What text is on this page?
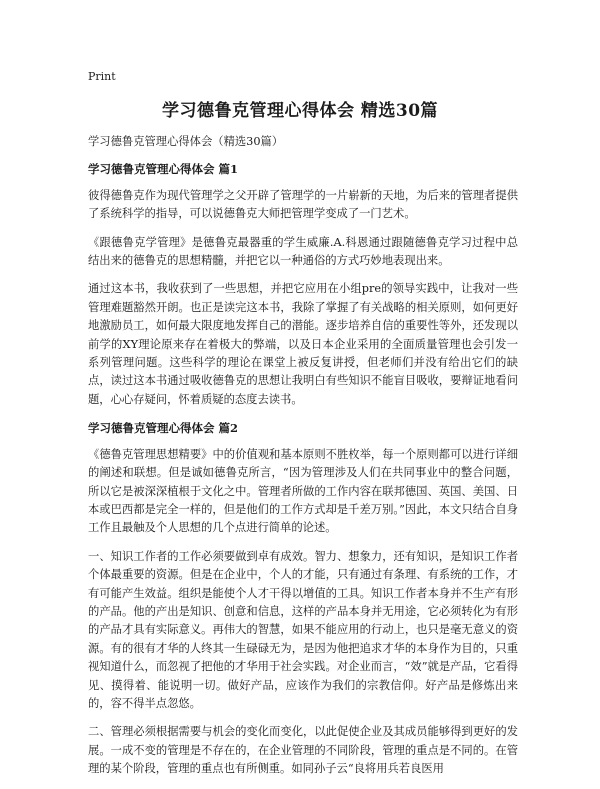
Print
学习德鲁克管理心得体会 精选30篇
学习德鲁克管理心得体会（精选30篇）
学习德鲁克管理心得体会 篇1

彼得德鲁克作为现代管理学之父开辟了管理学的一片崭新的天地，为后来的管理者提供了系统科学的指导，可以说德鲁克大师把管理学变成了一门艺术。

《跟德鲁克学管理》是德鲁克最器重的学生威廉.A.科恩通过跟随德鲁克学习过程中总结出来的德鲁克的思想精髓，并把它以一种通俗的方式巧妙地表现出来。

通过这本书，我收获到了一些思想，并把它应用在小组pre的领导实践中，让我对一些管理难题豁然开朗。也正是读完这本书，我除了掌握了有关战略的相关原则，如何更好地激励员工，如何最大限度地发挥自己的潜能。逐步培养自信的重要性等外，还发现以前学的XY理论原来存在着极大的弊端，以及日本企业采用的全面质量管理也会引发一系列管理问题。这些科学的理论在课堂上被反复讲授，但老师们并没有给出它们的缺点，读过这本书通过吸收德鲁克的思想让我明白有些知识不能盲目吸收，要辩证地看问题，心心存疑问，怀着质疑的态度去读书。

学习德鲁克管理心得体会 篇2

《德鲁克管理思想精要》中的价值观和基本原则不胜枚举，每一个原则都可以进行详细的阐述和联想。但是诚如德鲁克所言，“因为管理涉及人们在共同事业中的整合问题，所以它是被深深植根于文化之中。管理者所做的工作内容在联邦德国、英国、美国、日本或巴西都是完全一样的，但是他们的工作方式却是千差万别。”因此，本文只结合自身工作且最触及个人思想的几个点进行简单的论述。

一、知识工作者的工作必须要做到卓有成效。智力、想象力，还有知识，是知识工作者个体最重要的资源。但是在企业中，个人的才能，只有通过有条理、有系统的工作，才有可能产生效益。组织是能使个人才干得以增值的工具。知识工作者本身并不生产有形的产品。他的产出是知识、创意和信息，这样的产品本身并无用途，它必须转化为有形的产品才具有实际意义。再伟大的智慧，如果不能应用的行动上，也只是毫无意义的资源。有的很有才华的人终其一生碌碌无为，是因为他把追求才华的本身作为目的，只重视知道什么，而忽视了把他的才华用于社会实践。对企业而言，“效”就是产品，它看得见、摸得着、能说明一切。做好产品，应该作为我们的宗教信仰。好产品是修炼出来的，容不得半点忽悠。

二、管理必须根据需要与机会的变化而变化，以此促使企业及其成员能够得到更好的发展。一成不变的管理是不存在的，在企业管理的不同阶段，管理的重点是不同的。在管理的某个阶段，管理的重点也有所侧重。如同孙子云“良将用兵若良医用
